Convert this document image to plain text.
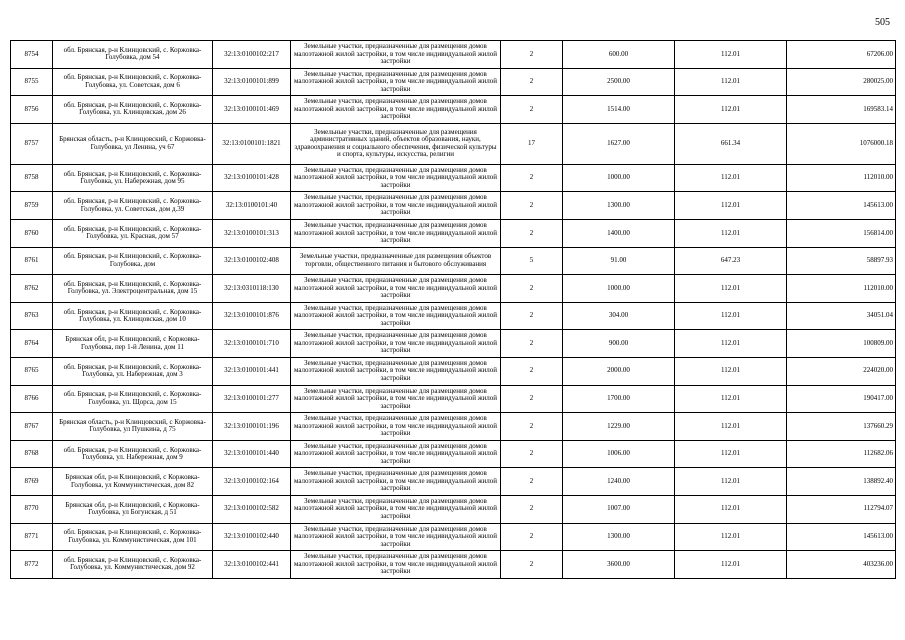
505
8754	обл. Брянская, р-н Клинцовский, с. Коржовка-Голубовка, дом 54	32:13:0100102:217	Земельные участки, предназначенные для размещения домов малоэтажной жилой застройки, в том числе индивидуальной жилой застройки	2	600.00	112.01	67206.00
8755	обл. Брянская, р-н Клинцовский, с. Коржовка-Голубовка, ул. Советская, дом 6	32:13:0100101:899	Земельные участки, предназначенные для размещения домов малоэтажной жилой застройки, в том числе индивидуальной жилой застройки	2	2500.00	112.01	280025.00
8756	обл. Брянская, р-н Клинцовский, с. Коржовка-Голубовка, ул. Клинцовская, дом 26	32:13:0100101:469	Земельные участки, предназначенные для размещения домов малоэтажной жилой застройки, в том числе индивидуальной жилой застройки	2	1514.00	112.01	169583.14
8757	Брянская область, р-н Клинцовский, с Коржовка-Голубовка, ул Ленина, уч 67	32:13:0100101:1821	Земельные участки, предназначенные для размещения административных зданий, объектов образования, науки, здравоохранения и социального обеспечения, физической культуры и спорта, культуры, искусства, религии	17	1627.00	661.34	1076000.18
8758	обл. Брянская, р-н Клинцовский, с. Коржовка-Голубовка, ул. Набережная, дом 95	32:13:0100101:428	Земельные участки, предназначенные для размещения домов малоэтажной жилой застройки, в том числе индивидуальной жилой застройки	2	1000.00	112.01	112010.00
8759	обл. Брянская, р-н Клинцовский, с. Коржовка-Голубовка, ул. Советская, дом д.39	32:13:0100101:40	Земельные участки, предназначенные для размещения домов малоэтажной жилой застройки, в том числе индивидуальной жилой застройки	2	1300.00	112.01	145613.00
8760	обл. Брянская, р-н Клинцовский, с. Коржовка-Голубовка, ул. Красная, дом 57	32:13:0100101:313	Земельные участки, предназначенные для размещения домов малоэтажной жилой застройки, в том числе индивидуальной жилой застройки	2	1400.00	112.01	156814.00
8761	обл. Брянская, р-н Клинцовский, с. Коржовка-Голубовка, дом	32:13:0100102:408	Земельные участки, предназначенные для размещения объектов торговли, общественного питания и бытового обслуживания	5	91.00	647.23	58897.93
8762	обл. Брянская, р-н Клинцовский, с. Коржовка-Голубовка, ул. Электроцентральная, дом 15	32:13:0310118:130	Земельные участки, предназначенные для размещения домов малоэтажной жилой застройки, в том числе индивидуальной жилой застройки	2	1000.00	112.01	112010.00
8763	обл. Брянская, р-н Клинцовский, с. Коржовка-Голубовка, ул. Клинцовская, дом 10	32:13:0100101:876	Земельные участки, предназначенные для размещения домов малоэтажной жилой застройки, в том числе индивидуальной жилой застройки	2	304.00	112.01	34051.04
8764	Брянская обл, р-н Клинцовский, с Коржовка-Голубовка, пер 1-й Ленина, дом 11	32:13:0100101:710	Земельные участки, предназначенные для размещения домов малоэтажной жилой застройки, в том числе индивидуальной жилой застройки	2	900.00	112.01	100809.00
8765	обл. Брянская, р-н Клинцовский, с. Коржовка-Голубовка, ул. Набережная, дом 3	32:13:0100101:441	Земельные участки, предназначенные для размещения домов малоэтажной жилой застройки, в том числе индивидуальной жилой застройки	2	2000.00	112.01	224020.00
8766	обл. Брянская, р-н Клинцовский, с. Коржовка-Голубовка, ул. Щорса, дом 15	32:13:0100101:277	Земельные участки, предназначенные для размещения домов малоэтажной жилой застройки, в том числе индивидуальной жилой застройки	2	1700.00	112.01	190417.00
8767	Брянская область, р-н Клинцовский, с Коржовка-Голубовка, ул Пушкина, д 75	32:13:0100101:196	Земельные участки, предназначенные для размещения домов малоэтажной жилой застройки, в том числе индивидуальной жилой застройки	2	1229.00	112.01	137660.29
8768	обл. Брянская, р-н Клинцовский, с. Коржовка-Голубовка, ул. Набережная, дом 9	32:13:0100101:440	Земельные участки, предназначенные для размещения домов малоэтажной жилой застройки, в том числе индивидуальной жилой застройки	2	1006.00	112.01	112682.06
8769	Брянская обл, р-н Клинцовский, с Коржовка-Голубовка, ул Коммунистическая, дом 82	32:13:0100102:164	Земельные участки, предназначенные для размещения домов малоэтажной жилой застройки, в том числе индивидуальной жилой застройки	2	1240.00	112.01	138892.40
8770	Брянская обл, р-н Клинцовский, с Коржовка-Голубовка, ул Богунская, д 51	32:13:0100102:582	Земельные участки, предназначенные для размещения домов малоэтажной жилой застройки, в том числе индивидуальной жилой застройки	2	1007.00	112.01	112794.07
8771	обл. Брянская, р-н Клинцовский, с. Коржовка-Голубовка, ул. Коммунистическая, дом 101	32:13:0100102:440	Земельные участки, предназначенные для размещения домов малоэтажной жилой застройки, в том числе индивидуальной жилой застройки	2	1300.00	112.01	145613.00
8772	обл. Брянская, р-н Клинцовский, с. Коржовка-Голубовка, ул. Коммунистическая, дом 92	32:13:0100102:441	Земельные участки, предназначенные для размещения домов малоэтажной жилой застройки, в том числе индивидуальной жилой застройки	2	3600.00	112.01	403236.00
